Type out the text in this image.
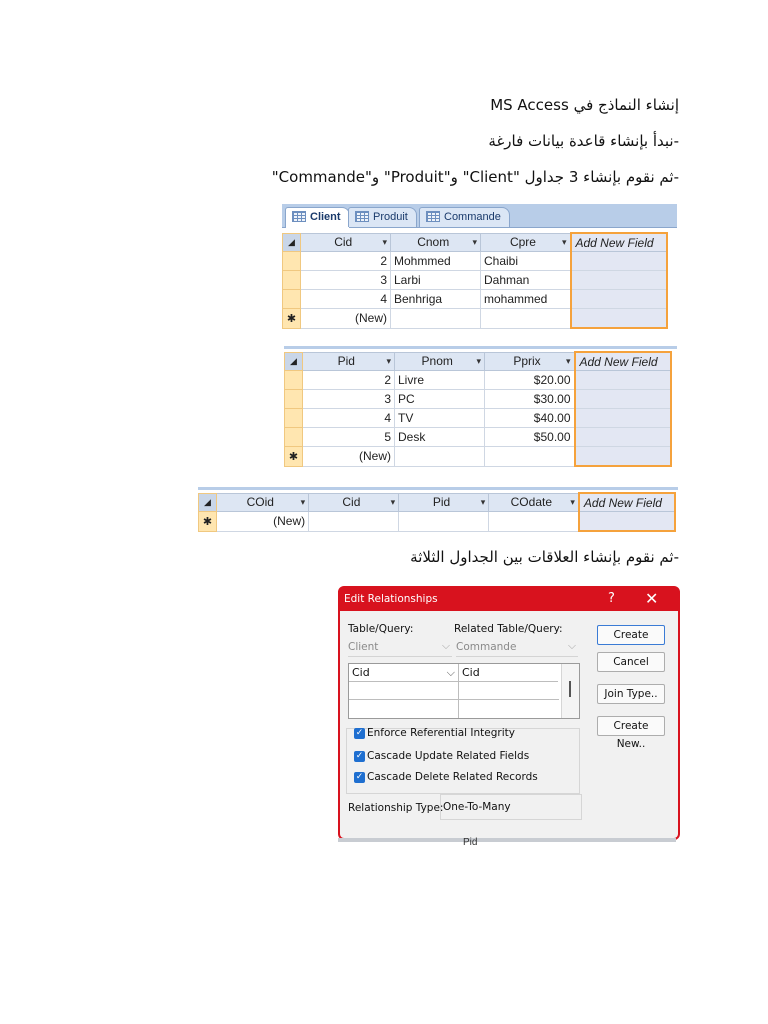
إنشاء النماذج في MS Access
-نبدأ بإنشاء قاعدة بيانات فارغة
-ثم نقوم بإنشاء 3 جداول "Client" و"Produit" و"Commande"
Client	Produit	Commande
◢	Cid ▾	Cnom ▾	Cpre ▾	Add New Field
	2	Mohmmed	Chaibi	
	3	Larbi	Dahman	
	4	Benhriga	mohammed	
✱	(New)			
◢	Pid ▾	Pnom ▾	Pprix ▾	Add New Field
	2	Livre	$20.00	
	3	PC	$30.00	
	4	TV	$40.00	
	5	Desk	$50.00	
✱	(New)			
◢	COid ▾	Cid ▾	Pid ▾	COdate ▾	Add New Field
✱	(New)				
-ثم نقوم بإنشاء العلاقات بين الجداول الثلاثة
Edit Relationships	? ✕
Table/Query:	Related Table/Query:
Client	⌵ Commande	⌵
Cid	⌵ Cid
✓ Enforce Referential Integrity
✓ Cascade Update Related Fields
✓ Cascade Delete Related Records
Relationship Type: One-To-Many
Create
Cancel
Join Type..
Create New..
Pid
